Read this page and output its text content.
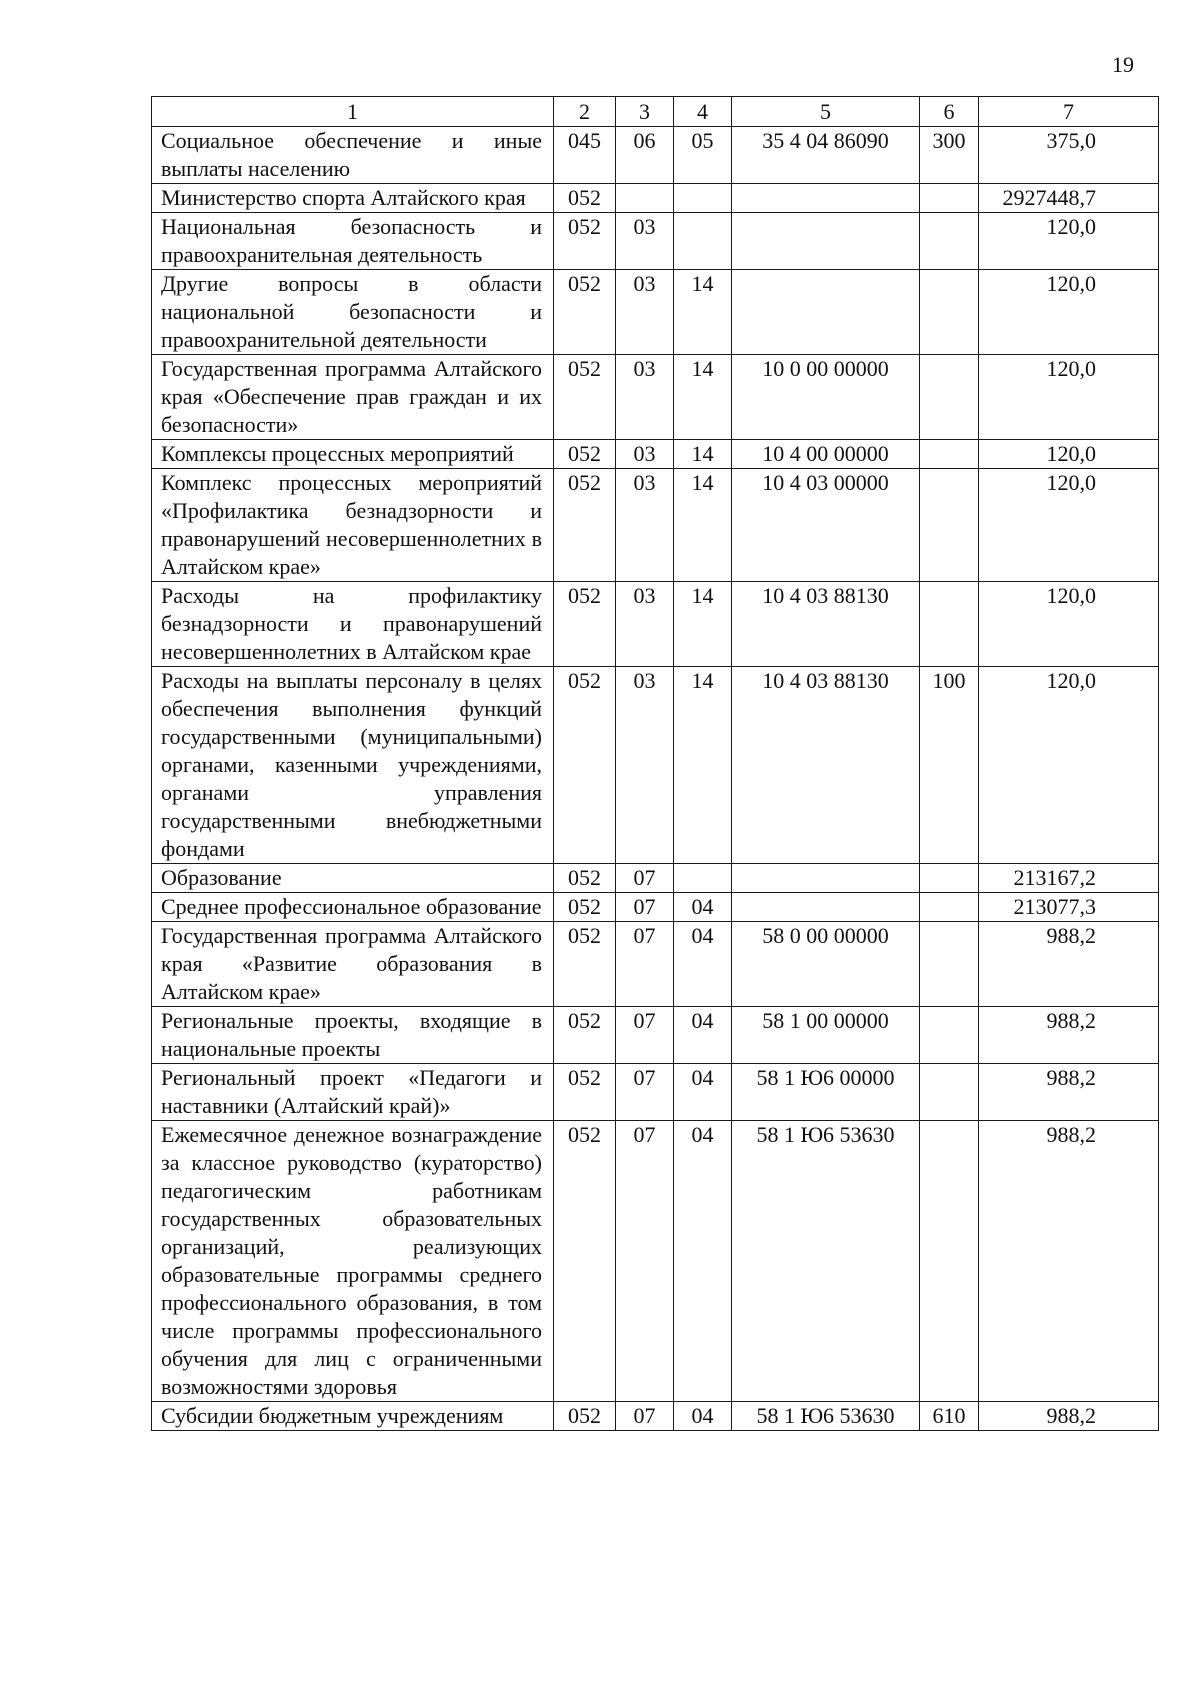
19
1	2	3	4	5	6	7
Социальное обеспечение и иные выплаты населению	045	06	05	35 4 04 86090	300	375,0
Министерство спорта Алтайского края	052					2927448,7
Национальная безопасность и правоохранительная деятельность	052	03				120,0
Другие вопросы в области национальной безопасности и правоохранительной деятельности	052	03	14			120,0
Государственная программа Алтайского края «Обеспечение прав граждан и их безопасности»	052	03	14	10 0 00 00000		120,0
Комплексы процессных мероприятий	052	03	14	10 4 00 00000		120,0
Комплекс процессных мероприятий «Профилактика безнадзорности и правонарушений несовершеннолетних в Алтайском крае»	052	03	14	10 4 03 00000		120,0
Расходы на профилактику безнадзорности и правонарушений несовершеннолетних в Алтайском крае	052	03	14	10 4 03 88130		120,0
Расходы на выплаты персоналу в целях обеспечения выполнения функций государственными (муниципальными) органами, казенными учреждениями, органами управления государственными внебюджетными фондами	052	03	14	10 4 03 88130	100	120,0
Образование	052	07				213167,2
Среднее профессиональное образование	052	07	04			213077,3
Государственная программа Алтайского края «Развитие образования в Алтайском крае»	052	07	04	58 0 00 00000		988,2
Региональные проекты, входящие в национальные проекты	052	07	04	58 1 00 00000		988,2
Региональный проект «Педагоги и наставники (Алтайский край)»	052	07	04	58 1 Ю6 00000		988,2
Ежемесячное денежное вознаграждение за классное руководство (кураторство) педагогическим работникам государственных образовательных организаций, реализующих образовательные программы среднего профессионального образования, в том числе программы профессионального обучения для лиц с ограниченными возможностями здоровья	052	07	04	58 1 Ю6 53630		988,2
Субсидии бюджетным учреждениям	052	07	04	58 1 Ю6 53630	610	988,2
